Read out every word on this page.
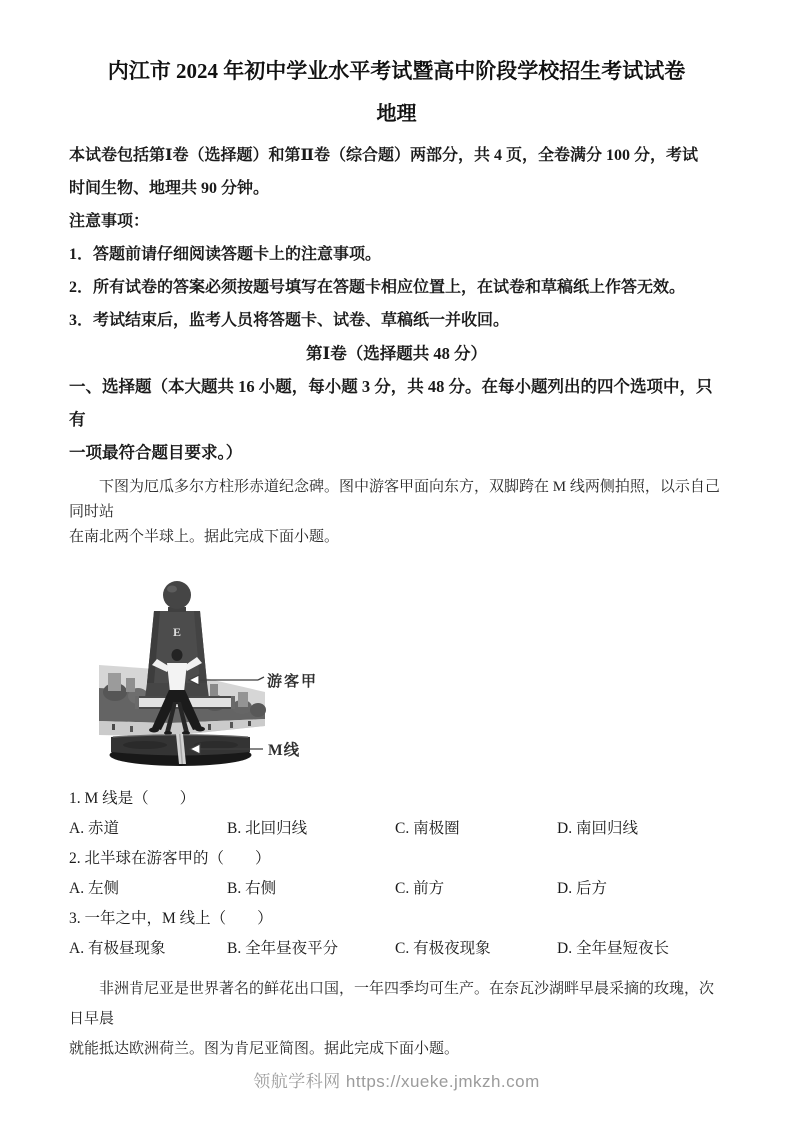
内江市 2024 年初中学业水平考试暨高中阶段学校招生考试试卷
地理
本试卷包括第Ⅰ卷（选择题）和第Ⅱ卷（综合题）两部分，共 4 页，全卷满分 100 分，考试
时间生物、地理共 90 分钟。

注意事项：

1．答题前请仔细阅读答题卡上的注意事项。

2．所有试卷的答案必须按题号填写在答题卡相应位置上，在试卷和草稿纸上作答无效。

3．考试结束后，监考人员将答题卡、试卷、草稿纸一并收回。

第Ⅰ卷（选择题共 48 分）

一、选择题（本大题共 16 小题，每小题 3 分，共 48 分。在每小题列出的四个选项中，只有
一项最符合题目要求。）
下图为厄瓜多尔方柱形赤道纪念碑。图中游客甲面向东方，双脚跨在 M 线两侧拍照，以示自己同时站
在南北两个半球上。据此完成下面小题。
E
游客甲
M线
1. M 线是（　　）
A. 赤道	B. 北回归线	C. 南极圈	D. 南回归线
2. 北半球在游客甲的（　　）
A. 左侧	B. 右侧	C. 前方	D. 后方
3. 一年之中，M 线上（　　）
A. 有极昼现象	B. 全年昼夜平分	C. 有极夜现象	D. 全年昼短夜长
非洲肯尼亚是世界著名的鲜花出口国，一年四季均可生产。在奈瓦沙湖畔早晨采摘的玫瑰，次日早晨
就能抵达欧洲荷兰。图为肯尼亚简图。据此完成下面小题。
领航学科网 https://xueke.jmkzh.com
